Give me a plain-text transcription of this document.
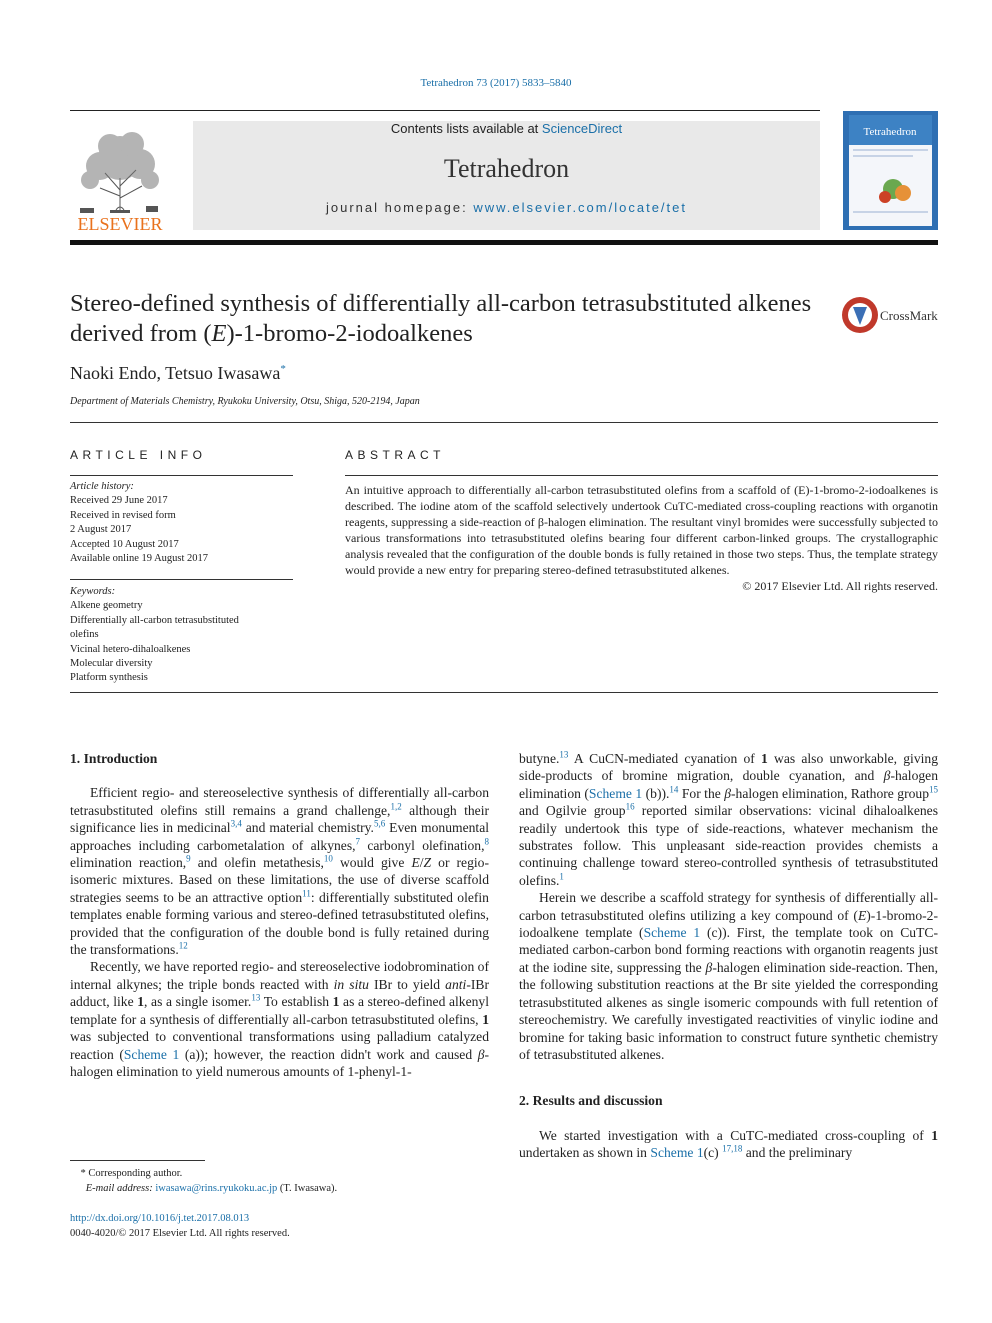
Tetrahedron 73 (2017) 5833–5840
ELSEVIER
Contents lists available at ScienceDirect
Tetrahedron
journal homepage: www.elsevier.com/locate/tet
Tetrahedron
Stereo-defined synthesis of differentially all-carbon tetrasubstituted alkenes derived from (E)-1-bromo-2-iodoalkenes
CrossMark
Naoki Endo, Tetsuo Iwasawa*
Department of Materials Chemistry, Ryukoku University, Otsu, Shiga, 520-2194, Japan
ARTICLE INFO	ABSTRACT
Article history:
Received 29 June 2017
Received in revised form
2 August 2017
Accepted 10 August 2017
Available online 19 August 2017
Keywords:
Alkene geometry
Differentially all-carbon tetrasubstituted
olefins
Vicinal hetero-dihaloalkenes
Molecular diversity
Platform synthesis
An intuitive approach to differentially all-carbon tetrasubstituted olefins from a scaffold of (E)-1-bromo-2-iodoalkenes is described. The iodine atom of the scaffold selectively undertook CuTC-mediated cross-coupling reactions with organotin reagents, suppressing a side-reaction of β-halogen elimination. The resultant vinyl bromides were successfully subjected to various transformations into tetrasubstituted olefins bearing four different carbon-linked groups. The crystallographic analysis revealed that the configuration of the double bonds is fully retained in those two steps. Thus, the template strategy would provide a new entry for preparing stereo-defined tetrasubstituted alkenes.
© 2017 Elsevier Ltd. All rights reserved.

1. Introduction

Efficient regio- and stereoselective synthesis of differentially all-carbon tetrasubstituted olefins still remains a grand challenge,$^{1,2}$ although their significance lies in medicinal$^{3,4}$ and material chemistry.$^{5,6}$ Even monumental approaches including carbometalation of alkynes,$^7$ carbonyl olefination,$^8$ elimination reaction,$^9$ and olefin metathesis,$^{10}$ would give E/Z or regio-isomeric mixtures. Based on these limitations, the use of diverse scaffold strategies seems to be an attractive option$^{11}$: differentially substituted olefin templates enable forming various and stereo-defined tetrasubstituted olefins, provided that the configuration of the double bond is fully retained during the transformations.$^{12}$

Recently, we have reported regio- and stereoselective iodobromination of internal alkynes; the triple bonds reacted with in situ IBr to yield anti-IBr adduct, like 1, as a single isomer.$^{13}$ To establish 1 as a stereo-defined alkenyl template for a synthesis of differentially all-carbon tetrasubstituted olefins, 1 was subjected to conventional transformations using palladium catalyzed reaction (Scheme 1 (a)); however, the reaction didn't work and caused β-halogen elimination to yield numerous amounts of 1-phenyl-1-

butyne.$^{13}$ A CuCN-mediated cyanation of 1 was also unworkable, giving side-products of bromine migration, double cyanation, and β-halogen elimination (Scheme 1 (b)).$^{14}$ For the β-halogen elimination, Rathore group$^{15}$ and Ogilvie group$^{16}$ reported similar observations: vicinal dihaloalkenes readily undertook this type of side-reactions, whatever mechanism the substrates follow. This unpleasant side-reaction provides chemists a continuing challenge toward stereo-controlled synthesis of tetrasubstituted olefins.$^1$

Herein we describe a scaffold strategy for synthesis of differentially all-carbon tetrasubstituted olefins utilizing a key compound of (E)-1-bromo-2-iodoalkene template (Scheme 1 (c)). First, the template took on CuTC-mediated carbon-carbon bond forming reactions with organotin reagents just at the iodine site, suppressing the β-halogen elimination side-reaction. Then, the following substitution reactions at the Br site yielded the corresponding tetrasubstituted alkenes as single isomeric compounds with full retention of stereochemistry. We carefully investigated reactivities of vinylic iodine and bromine for taking basic information to construct future synthetic chemistry of tetrasubstituted alkenes.

2. Results and discussion

We started investigation with a CuTC-mediated cross-coupling of 1 undertaken as shown in Scheme 1(c) $^{17,18}$ and the preliminary

* Corresponding author.
E-mail address: iwasawa@rins.ryukoku.ac.jp (T. Iwasawa).
http://dx.doi.org/10.1016/j.tet.2017.08.013
0040-4020/© 2017 Elsevier Ltd. All rights reserved.
